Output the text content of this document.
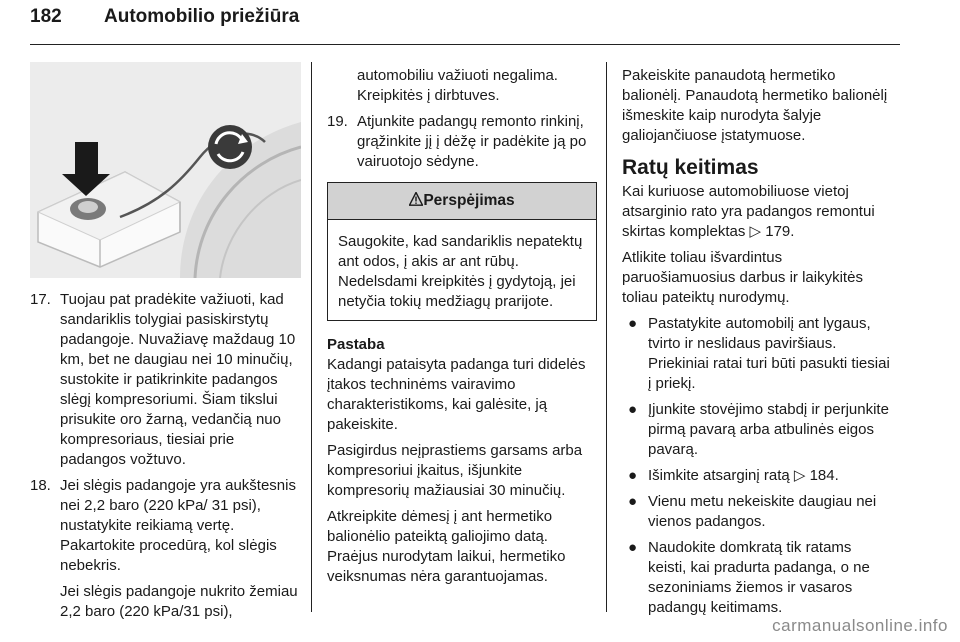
182 Automobilio priežiūra
17. Tuojau pat pradėkite važiuoti, kad sandariklis tolygiai pasiskirstytų padangoje. Nuvažiavę maždaug 10 km, bet ne daugiau nei 10 minučių, sustokite ir patikrinkite padangos slėgį kompresoriumi. Šiam tikslui prisukite oro žarną, vedančią nuo kompresoriaus, tiesiai prie padangos vožtuvo.
18. Jei slėgis padangoje yra aukštesnis nei 2,2 baro (220 kPa/ 31 psi), nustatykite reikiamą vertę. Pakartokite procedūrą, kol slėgis nebekris.
Jei slėgis padangoje nukrito žemiau 2,2 baro (220 kPa/31 psi),
automobiliu važiuoti negalima. Kreipkitės į dirbtuves.
19. Atjunkite padangų remonto rinkinį, grąžinkite jį į dėžę ir padėkite ją po vairuotojo sėdyne.
Perspėjimas
Saugokite, kad sandariklis nepatektų ant odos, į akis ar ant rūbų. Nedelsdami kreipkitės į gydytoją, jei netyčia tokių medžiagų prarijote.

Pastaba

Kadangi pataisyta padanga turi didelės įtakos techninėms vairavimo charakteristikoms, kai galėsite, ją pakeiskite.

Pasigirdus neįprastiems garsams arba kompresoriui įkaitus, išjunkite kompresorių mažiausiai 30 minučių.

Atkreipkite dėmesį į ant hermetiko balionėlio pateiktą galiojimo datą. Praėjus nurodytam laikui, hermetiko veiksnumas nėra garantuojamas.

Pakeiskite panaudotą hermetiko balionėlį. Panaudotą hermetiko balionėlį išmeskite kaip nurodyta šalyje galiojančiuose įstatymuose.

Ratų keitimas

Kai kuriuose automobiliuose vietoj atsarginio rato yra padangos remontui skirtas komplektas ▷ 179.

Atlikite toliau išvardintus paruošiamuosius darbus ir laikykitės toliau pateiktų nurodymų.

● Pastatykite automobilį ant lygaus, tvirto ir neslidaus paviršiaus. Priekiniai ratai turi būti pasukti tiesiai į priekį.
● Įjunkite stovėjimo stabdį ir perjunkite pirmą pavarą arba atbulinės eigos pavarą.
● Išimkite atsarginį ratą ▷ 184.
● Vienu metu nekeiskite daugiau nei vienos padangos.
● Naudokite domkratą tik ratams keisti, kai pradurta padanga, o ne sezoniniams žiemos ir vasaros padangų keitimams.
carmanualsonline.info
